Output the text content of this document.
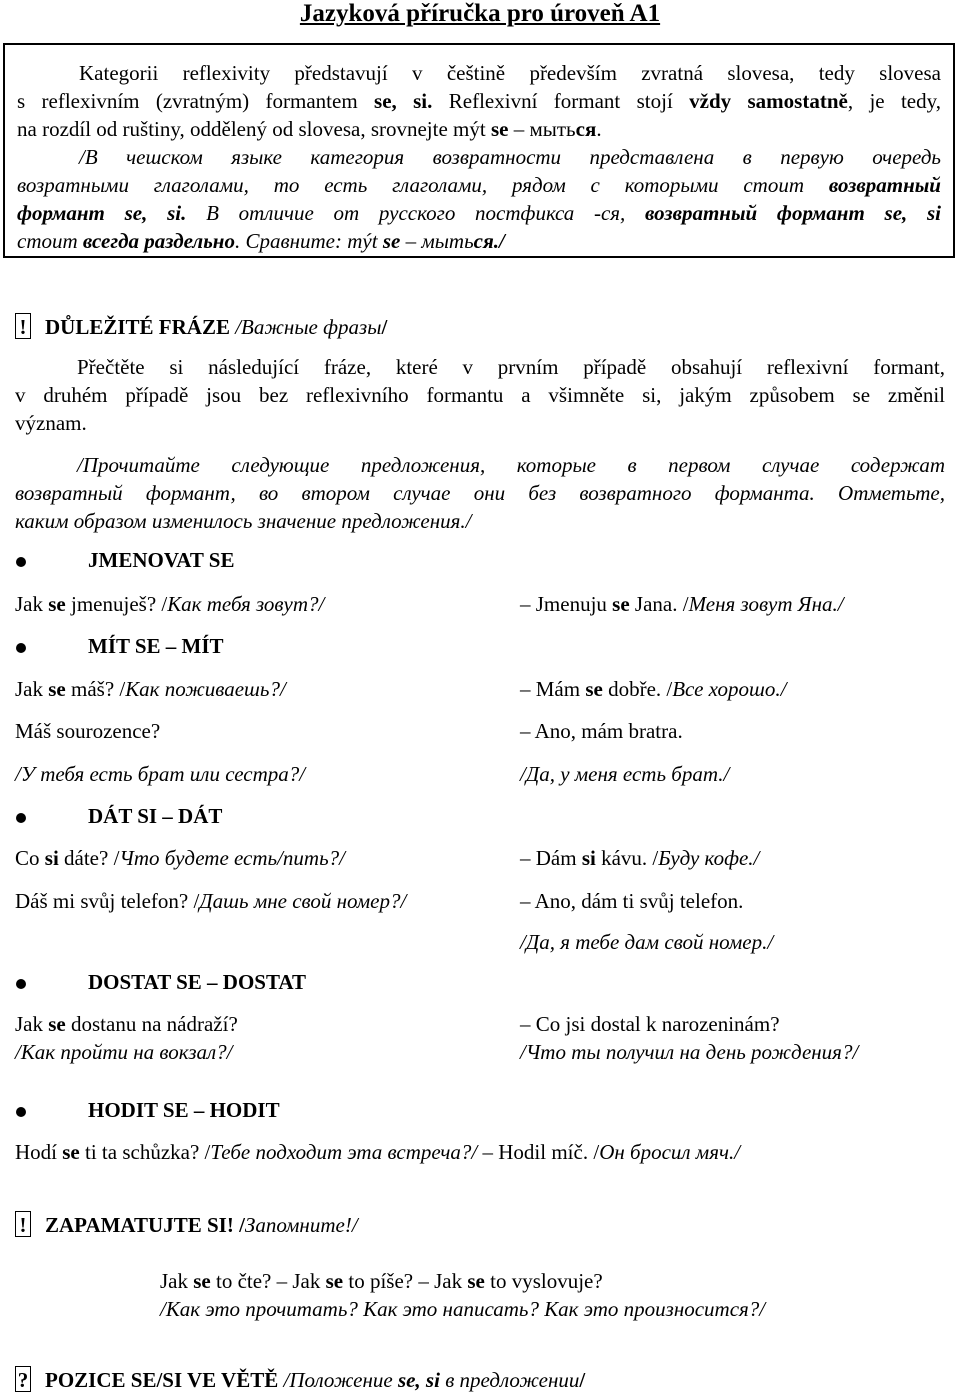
Jazyková příručka pro úroveň A1
Kategorii reflexivity představují v češtině především zvratná slovesa, tedy slovesa
s reflexivním (zvratným) formantem se, si. Reflexivní formant stojí vždy samostatně, je tedy,
na rozdíl od ruštiny, oddělený od slovesa, srovnejte mýt se – мыться.
/В чешском языке категория возвратности представлена в первую очередь
возратными глаголами, то есть глаголами, рядом с которыми стоит возвратный
формант se, si. В отличие от русского постфикса -ся, возвратный формант se, si
стоит всегда раздельно. Сравните: mýt se – мыться./
! DŮLEŽITÉ FRÁZE /Важные фразы/
Přečtěte si následující fráze, které v prvním případě obsahují reflexivní formant,
v druhém případě jsou bez reflexivního formantu a všimněte si, jakým způsobem se změnil
význam.
/Прочитайте следующие предложения, которые в первом случае содержат
возвратный формант, во втором случае они без возвратного форманта. Отметьте,
каким образом изменилось значение предложения./
JMENOVAT SE
Jak se jmenuješ? /Как тебя зовут?/	– Jmenuju se Jana. /Меня зовут Яна./
MÍT SE – MÍT
Jak se máš? /Как поживаешь?/	– Mám se dobře. /Все хорошо./
Máš sourozence?	– Ano, mám bratra.
/У тебя есть брат или сестра?/	/Да, у меня есть брат./
DÁT SI – DÁT
Co si dáte? /Что будете есть/пить?/	– Dám si kávu. /Буду кофе./
Dáš mi svůj telefon? /Дашь мне свой номер?/	– Ano, dám ti svůj telefon.
/Да, я тебе дам свой номер./
DOSTAT SE – DOSTAT
Jak se dostanu na nádraží?	– Co jsi dostal k narozeninám?
/Как пройти на вокзал?/	/Что ты получил на день рождения?/
HODIT SE – HODIT
Hodí se ti ta schůzka? /Тебе подходит эта встреча?/ – Hodil míč. /Он бросил мяч./
! ZAPAMATUJTE SI! /Запомните!/
Jak se to čte? – Jak se to píše? – Jak se to vyslovuje?
/Как это прочитать? Как это написать? Как это произносится?/
? POZICE SE/SI VE VĚTĚ /Положение se, si в предложении/
